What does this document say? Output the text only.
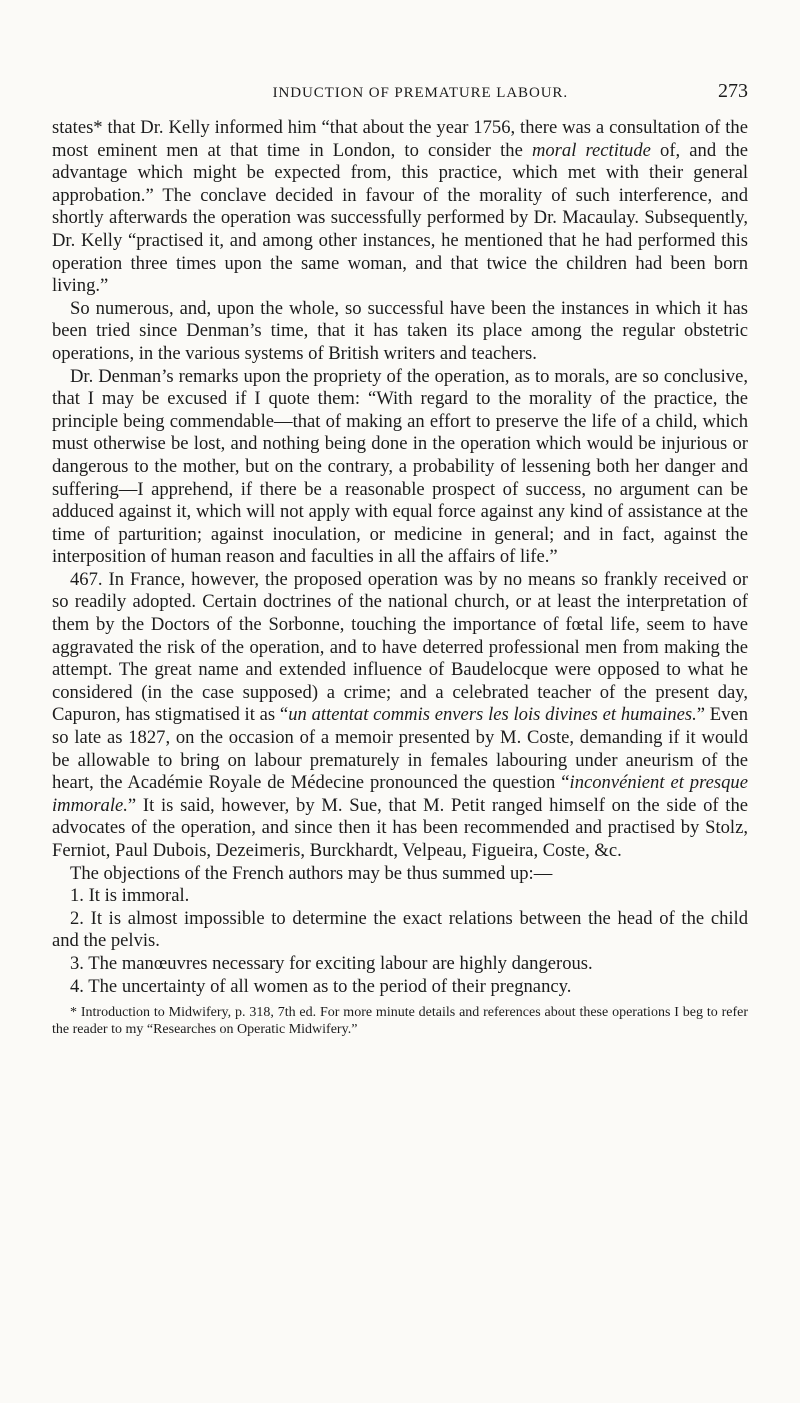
INDUCTION OF PREMATURE LABOUR.	273

states* that Dr. Kelly informed him “that about the year 1756, there was a consultation of the most eminent men at that time in London, to consider the moral rectitude of, and the advantage which might be expected from, this practice, which met with their general approbation.” The conclave decided in favour of the morality of such interference, and shortly afterwards the operation was successfully performed by Dr. Macaulay. Subsequently, Dr. Kelly “practised it, and among other instances, he mentioned that he had performed this operation three times upon the same woman, and that twice the children had been born living.”

So numerous, and, upon the whole, so successful have been the instances in which it has been tried since Denman’s time, that it has taken its place among the regular obstetric operations, in the various systems of British writers and teachers.

Dr. Denman’s remarks upon the propriety of the operation, as to morals, are so conclusive, that I may be excused if I quote them: “With regard to the morality of the practice, the principle being commendable—that of making an effort to preserve the life of a child, which must otherwise be lost, and nothing being done in the operation which would be injurious or dangerous to the mother, but on the contrary, a probability of lessening both her danger and suffering—I apprehend, if there be a reasonable prospect of success, no argument can be adduced against it, which will not apply with equal force against any kind of assistance at the time of parturition; against inoculation, or medicine in general; and in fact, against the interposition of human reason and faculties in all the affairs of life.”

467. In France, however, the proposed operation was by no means so frankly received or so readily adopted. Certain doctrines of the national church, or at least the interpretation of them by the Doctors of the Sorbonne, touching the importance of fœtal life, seem to have aggravated the risk of the operation, and to have deterred professional men from making the attempt. The great name and extended influence of Baudelocque were opposed to what he considered (in the case supposed) a crime; and a celebrated teacher of the present day, Capuron, has stigmatised it as “un attentat commis envers les lois divines et humaines.” Even so late as 1827, on the occasion of a memoir presented by M. Coste, demanding if it would be allowable to bring on labour prematurely in females labouring under aneurism of the heart, the Académie Royale de Médecine pronounced the question “inconvénient et presque immorale.” It is said, however, by M. Sue, that M. Petit ranged himself on the side of the advocates of the operation, and since then it has been recommended and practised by Stolz, Ferniot, Paul Dubois, Dezeimeris, Burckhardt, Velpeau, Figueira, Coste, &c.

The objections of the French authors may be thus summed up:—

1. It is immoral.

2. It is almost impossible to determine the exact relations between the head of the child and the pelvis.

3. The manœuvres necessary for exciting labour are highly dangerous.

4. The uncertainty of all women as to the period of their pregnancy.

* Introduction to Midwifery, p. 318, 7th ed. For more minute details and references about these operations I beg to refer the reader to my “Researches on Operatic Midwifery.”
